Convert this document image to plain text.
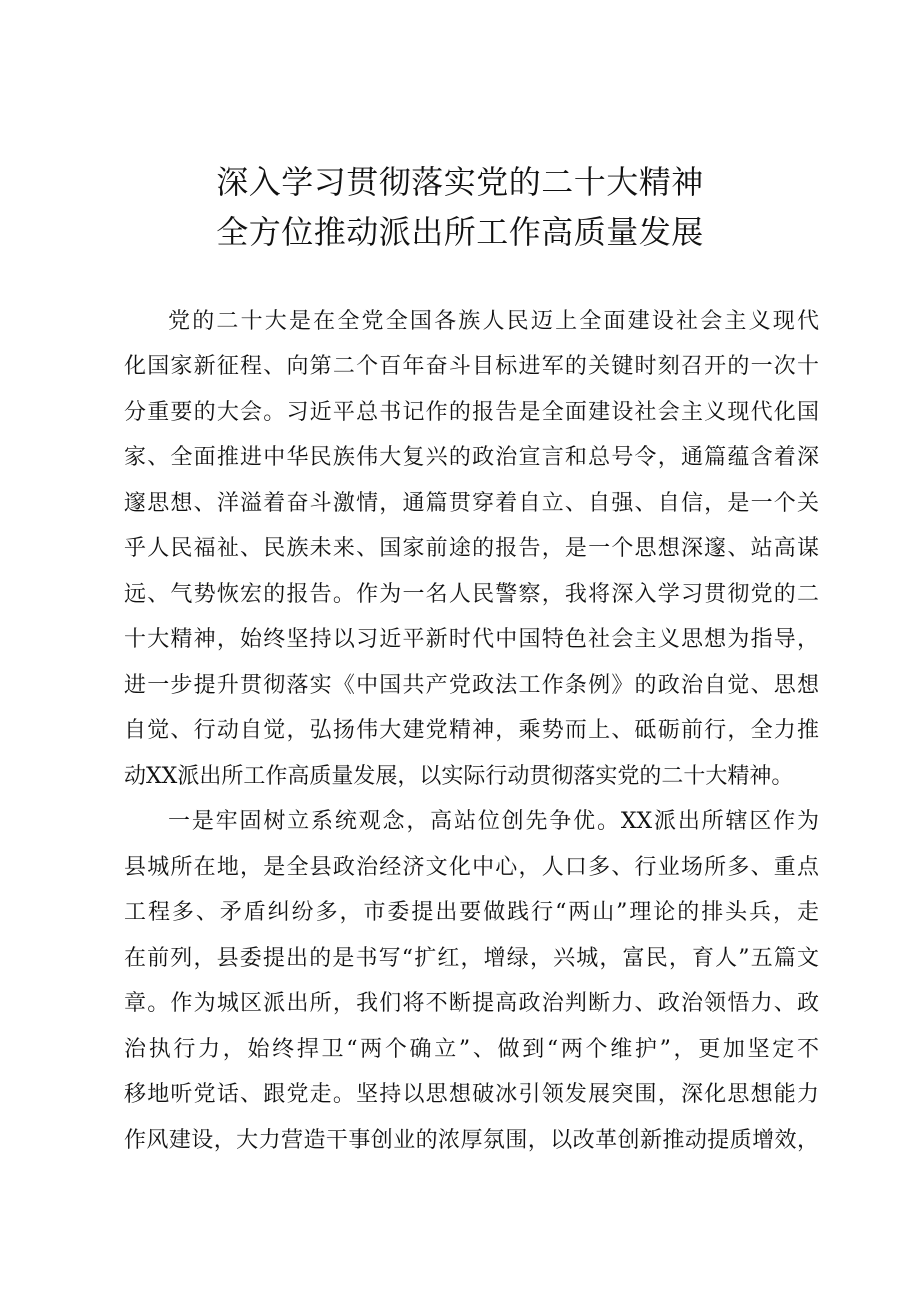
深入学习贯彻落实党的二十大精神
全方位推动派出所工作高质量发展
党的二十大是在全党全国各族人民迈上全面建设社会主义现代
化国家新征程、向第二个百年奋斗目标进军的关键时刻召开的一次十
分重要的大会。习近平总书记作的报告是全面建设社会主义现代化国
家、全面推进中华民族伟大复兴的政治宣言和总号令，通篇蕴含着深
邃思想、洋溢着奋斗激情，通篇贯穿着自立、自强、自信，是一个关
乎人民福祉、民族未来、国家前途的报告，是一个思想深邃、站高谋
远、气势恢宏的报告。作为一名人民警察，我将深入学习贯彻党的二
十大精神，始终坚持以习近平新时代中国特色社会主义思想为指导，
进一步提升贯彻落实《中国共产党政法工作条例》的政治自觉、思想
自觉、行动自觉，弘扬伟大建党精神，乘势而上、砥砺前行，全力推
动XX派出所工作高质量发展，以实际行动贯彻落实党的二十大精神。
一是牢固树立系统观念，高站位创先争优。XX派出所辖区作为
县城所在地，是全县政治经济文化中心，人口多、行业场所多、重点
工程多、矛盾纠纷多，市委提出要做践行“两山”理论的排头兵，走
在前列，县委提出的是书写“扩红，增绿，兴城，富民，育人”五篇文
章。作为城区派出所，我们将不断提高政治判断力、政治领悟力、政
治执行力，始终捍卫“两个确立”、做到“两个维护”，更加坚定不
移地听党话、跟党走。坚持以思想破冰引领发展突围，深化思想能力
作风建设，大力营造干事创业的浓厚氛围，以改革创新推动提质增效，
